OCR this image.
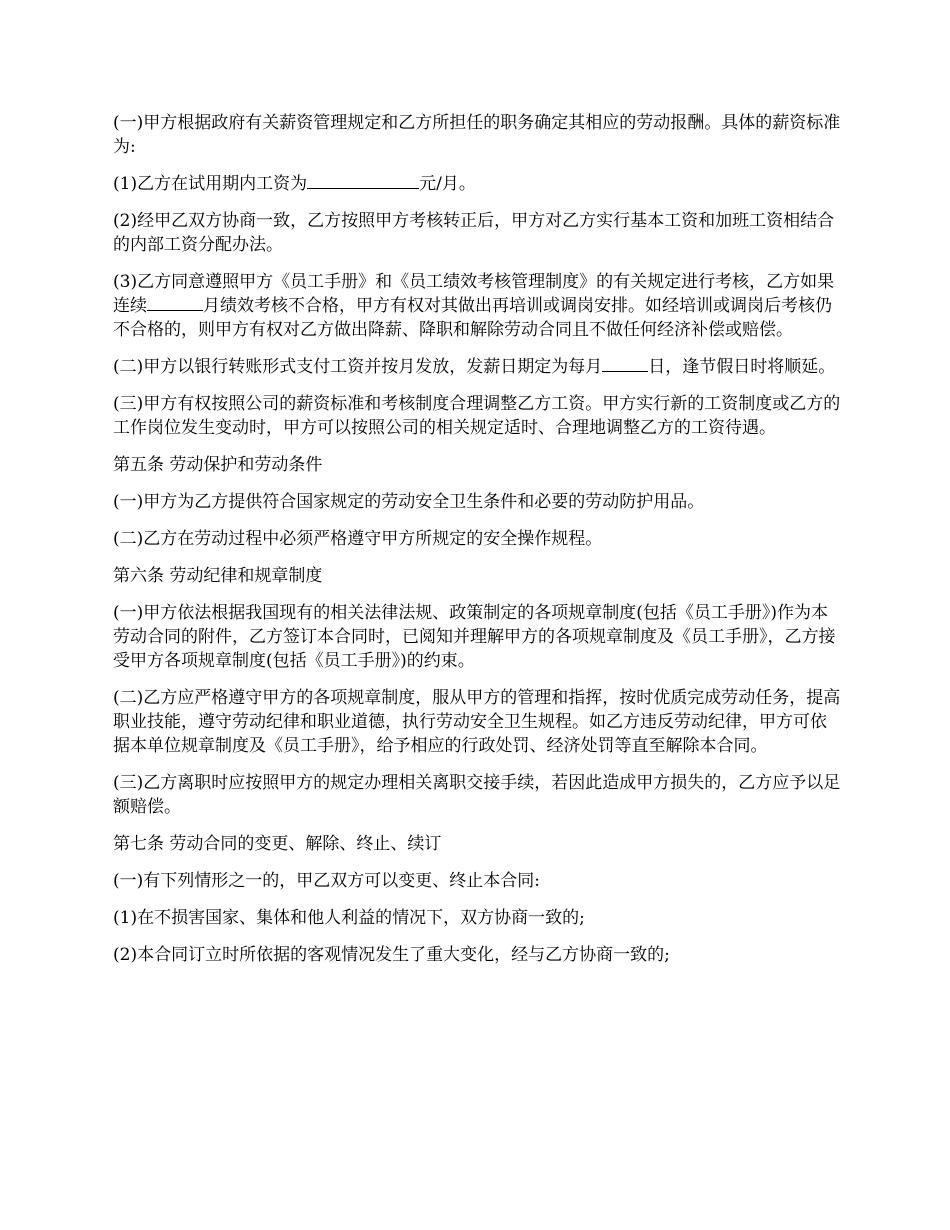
(一)甲方根据政府有关薪资管理规定和乙方所担任的职务确定其相应的劳动报酬。具体的薪资标准为:

(1)乙方在试用期内工资为	元/月。

(2)经甲乙双方协商一致，乙方按照甲方考核转正后，甲方对乙方实行基本工资和加班工资相结合的内部工资分配办法。

(3)乙方同意遵照甲方《员工手册》和《员工绩效考核管理制度》的有关规定进行考核，乙方如果连续	月绩效考核不合格，甲方有权对其做出再培训或调岗安排。如经培训或调岗后考核仍不合格的，则甲方有权对乙方做出降薪、降职和解除劳动合同且不做任何经济补偿或赔偿。

(二)甲方以银行转账形式支付工资并按月发放，发薪日期定为每月	日，逢节假日时将顺延。

(三)甲方有权按照公司的薪资标准和考核制度合理调整乙方工资。甲方实行新的工资制度或乙方的工作岗位发生变动时，甲方可以按照公司的相关规定适时、合理地调整乙方的工资待遇。

第五条 劳动保护和劳动条件

(一)甲方为乙方提供符合国家规定的劳动安全卫生条件和必要的劳动防护用品。

(二)乙方在劳动过程中必须严格遵守甲方所规定的安全操作规程。

第六条 劳动纪律和规章制度

(一)甲方依法根据我国现有的相关法律法规、政策制定的各项规章制度(包括《员工手册》)作为本劳动合同的附件，乙方签订本合同时，已阅知并理解甲方的各项规章制度及《员工手册》，乙方接受甲方各项规章制度(包括《员工手册》)的约束。

(二)乙方应严格遵守甲方的各项规章制度，服从甲方的管理和指挥，按时优质完成劳动任务，提高职业技能，遵守劳动纪律和职业道德，执行劳动安全卫生规程。如乙方违反劳动纪律，甲方可依据本单位规章制度及《员工手册》，给予相应的行政处罚、经济处罚等直至解除本合同。

(三)乙方离职时应按照甲方的规定办理相关离职交接手续，若因此造成甲方损失的，乙方应予以足额赔偿。

第七条 劳动合同的变更、解除、终止、续订

(一)有下列情形之一的，甲乙双方可以变更、终止本合同:

(1)在不损害国家、集体和他人利益的情况下，双方协商一致的;

(2)本合同订立时所依据的客观情况发生了重大变化，经与乙方协商一致的;
